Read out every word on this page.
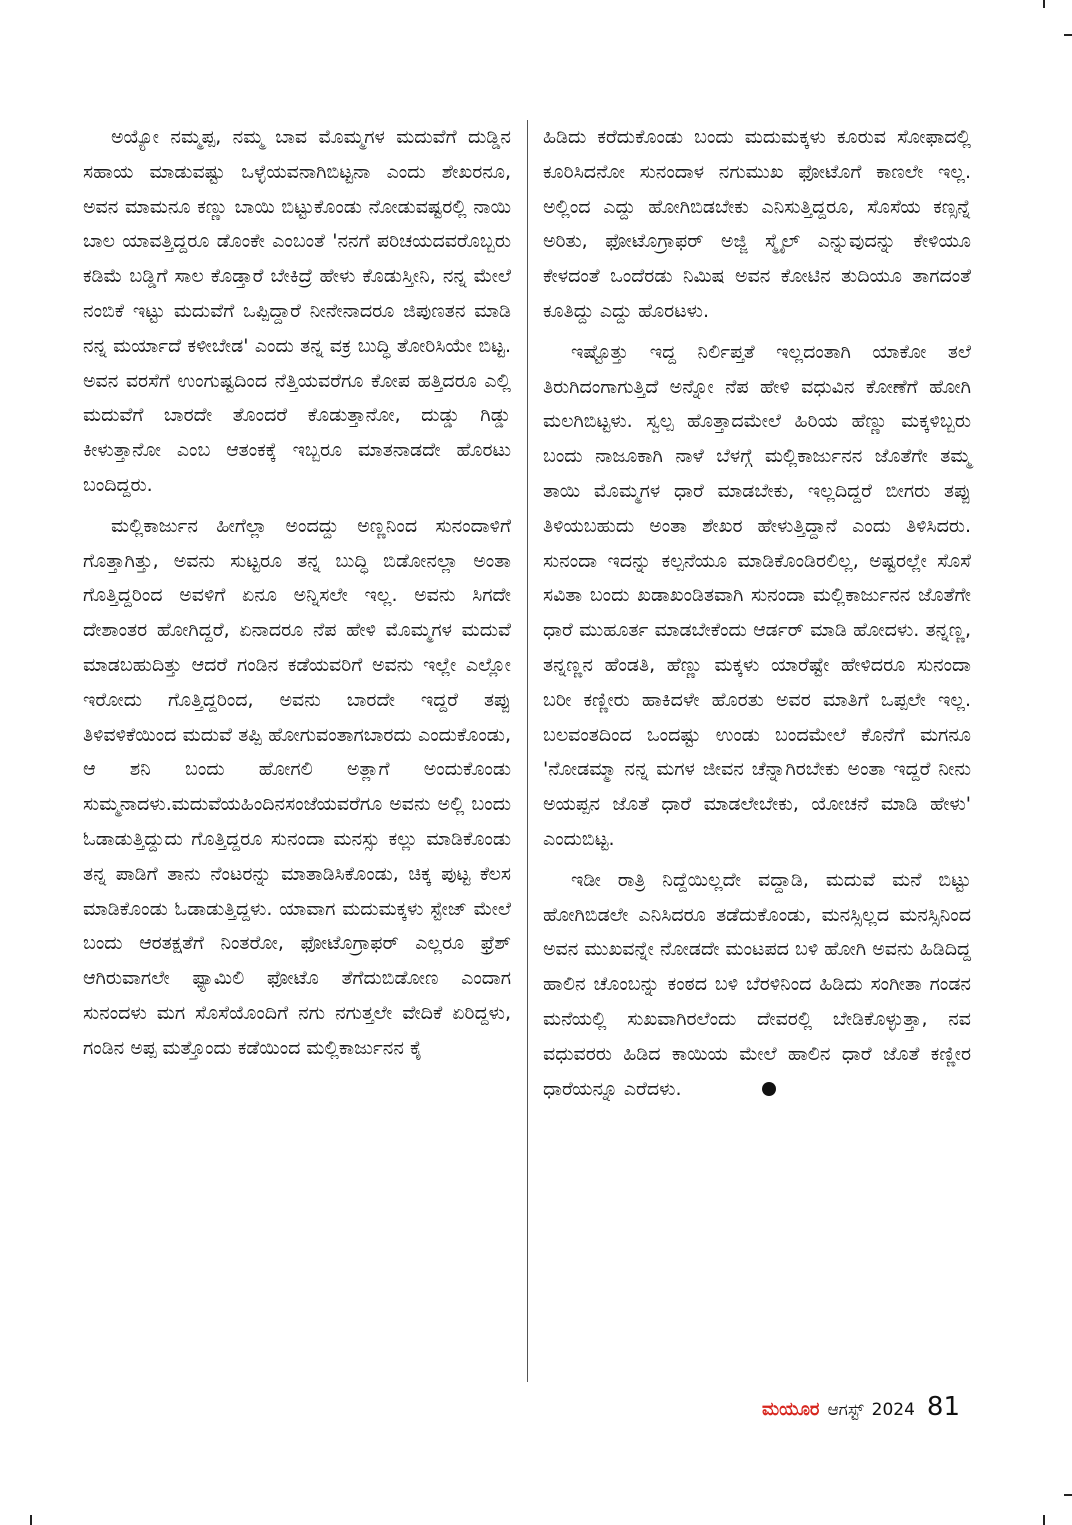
ಅಯ್ಯೋ ನಮ್ಮಪ್ಪ, ನಮ್ಮ ಬಾವ ಮೊಮ್ಮಗಳ ಮದುವೆಗೆ ದುಡ್ಡಿನ ಸಹಾಯ ಮಾಡುವಷ್ಟು ಒಳ್ಳೆಯವನಾಗಿಬಿಟ್ಟನಾ ಎಂದು ಶೇಖರನೂ, ಅವನ ಮಾಮನೂ ಕಣ್ಣು ಬಾಯಿ ಬಿಟ್ಟುಕೊಂಡು ನೋಡುವಷ್ಟರಲ್ಲಿ ನಾಯಿ ಬಾಲ ಯಾವತ್ತಿದ್ದರೂ ಡೊಂಕೇ ಎಂಬಂತೆ 'ನನಗೆ ಪರಿಚಯದವರೊಬ್ಬರು ಕಡಿಮೆ ಬಡ್ಡಿಗೆ ಸಾಲ ಕೊಡ್ತಾರೆ ಬೇಕಿದ್ರೆ ಹೇಳು ಕೊಡುಸ್ತೀನಿ, ನನ್ನ ಮೇಲೆ ನಂಬಿಕೆ ಇಟ್ಟು ಮದುವೆಗೆ ಒಪ್ಪಿದ್ದಾರೆ ನೀನೇನಾದರೂ ಜಿಪುಣತನ ಮಾಡಿ ನನ್ನ ಮರ್ಯಾದೆ ಕಳೀಬೇಡ' ಎಂದು ತನ್ನ ವಕ್ರ ಬುದ್ಧಿ ತೋರಿಸಿಯೇ ಬಿಟ್ಟ. ಅವನ ವರಸೆಗೆ ಉಂಗುಷ್ಟದಿಂದ ನೆತ್ತಿಯವರೆಗೂ ಕೋಪ ಹತ್ತಿದರೂ ಎಲ್ಲಿ ಮದುವೆಗೆ ಬಾರದೇ ತೊಂದರೆ ಕೊಡುತ್ತಾನೋ, ದುಡ್ಡು ಗಿಡ್ಡು ಕೀಳುತ್ತಾನೋ ಎಂಬ ಆತಂಕಕ್ಕೆ ಇಬ್ಬರೂ ಮಾತನಾಡದೇ ಹೊರಟು ಬಂದಿದ್ದರು.

ಮಲ್ಲಿಕಾರ್ಜುನ ಹೀಗೆಲ್ಲಾ ಅಂದದ್ದು ಅಣ್ಣನಿಂದ ಸುನಂದಾಳಿಗೆ ಗೊತ್ತಾಗಿತ್ತು, ಅವನು ಸುಟ್ಟರೂ ತನ್ನ ಬುದ್ಧಿ ಬಿಡೋನಲ್ಲಾ ಅಂತಾ ಗೊತ್ತಿದ್ದರಿಂದ ಅವಳಿಗೆ ಏನೂ ಅನ್ನಿಸಲೇ ಇಲ್ಲ. ಅವನು ಸಿಗದೇ ದೇಶಾಂತರ ಹೋಗಿದ್ದರೆ, ಏನಾದರೂ ನೆಪ ಹೇಳಿ ಮೊಮ್ಮಗಳ ಮದುವೆ ಮಾಡಬಹುದಿತ್ತು ಆದರೆ ಗಂಡಿನ ಕಡೆಯವರಿಗೆ ಅವನು ಇಲ್ಲೇ ಎಲ್ಲೋ ಇರೋದು ಗೊತ್ತಿದ್ದರಿಂದ, ಅವನು ಬಾರದೇ ಇದ್ದರೆ ತಪ್ಪು ತಿಳಿವಳಿಕೆಯಿಂದ ಮದುವೆ ತಪ್ಪಿ ಹೋಗುವಂತಾಗಬಾರದು ಎಂದುಕೊಂಡು, ಆ ಶನಿ ಬಂದು ಹೋಗಲಿ ಅತ್ಲಾಗೆ ಅಂದುಕೊಂಡು ಸುಮ್ಮನಾದಳು.ಮದುವೆಯಹಿಂದಿನಸಂಜೆಯವರೆಗೂ ಅವನು ಅಲ್ಲಿ ಬಂದು ಓಡಾಡುತ್ತಿದ್ದುದು ಗೊತ್ತಿದ್ದರೂ ಸುನಂದಾ ಮನಸ್ಸು ಕಲ್ಲು ಮಾಡಿಕೊಂಡು ತನ್ನ ಪಾಡಿಗೆ ತಾನು ನೆಂಟರನ್ನು ಮಾತಾಡಿಸಿಕೊಂಡು, ಚಿಕ್ಕ ಪುಟ್ಟ ಕೆಲಸ ಮಾಡಿಕೊಂಡು ಓಡಾಡುತ್ತಿದ್ದಳು. ಯಾವಾಗ ಮದುಮಕ್ಕಳು ಸ್ಟೇಜ್ ಮೇಲೆ ಬಂದು ಆರತಕ್ಷತೆಗೆ ನಿಂತರೋ, ಫೋಟೊಗ್ರಾಫರ್ ಎಲ್ಲರೂ ಫ್ರೆಶ್ ಆಗಿರುವಾಗಲೇ ಫ್ಯಾಮಿಲಿ ಫೋಟೊ ತೆಗೆದುಬಿಡೋಣ ಎಂದಾಗ ಸುನಂದಳು ಮಗ ಸೊಸೆಯೊಂದಿಗೆ ನಗು ನಗುತ್ತಲೇ ವೇದಿಕೆ ಏರಿದ್ದಳು, ಗಂಡಿನ ಅಪ್ಪ ಮತ್ತೊಂದು ಕಡೆಯಿಂದ ಮಲ್ಲಿಕಾರ್ಜುನನ ಕೈ

ಹಿಡಿದು ಕರೆದುಕೊಂಡು ಬಂದು ಮದುಮಕ್ಕಳು ಕೂರುವ ಸೋಫಾದಲ್ಲಿ ಕೂರಿಸಿದನೋ ಸುನಂದಾಳ ನಗುಮುಖ ಫೋಟೊಗೆ ಕಾಣಲೇ ಇಲ್ಲ. ಅಲ್ಲಿಂದ ಎದ್ದು ಹೋಗಿಬಿಡಬೇಕು ಎನಿಸುತ್ತಿದ್ದರೂ, ಸೊಸೆಯ ಕಣ್ಸನ್ನೆ ಅರಿತು, ಫೋಟೊಗ್ರಾಫರ್ ಅಜ್ಜಿ ಸ್ಮೈಲ್ ಎನ್ನುವುದನ್ನು ಕೇಳಿಯೂ ಕೇಳದಂತೆ ಒಂದೆರಡು ನಿಮಿಷ ಅವನ ಕೋಟಿನ ತುದಿಯೂ ತಾಗದಂತೆ ಕೂತಿದ್ದು ಎದ್ದು ಹೊರಟಳು.

ಇಷ್ಟೊತ್ತು ಇದ್ದ ನಿರ್ಲಿಪ್ತತೆ ಇಲ್ಲದಂತಾಗಿ ಯಾಕೋ ತಲೆ ತಿರುಗಿದಂಗಾಗುತ್ತಿದೆ ಅನ್ನೋ ನೆಪ ಹೇಳಿ ವಧುವಿನ ಕೋಣೆಗೆ ಹೋಗಿ ಮಲಗಿಬಿಟ್ಟಳು. ಸ್ವಲ್ಪ ಹೊತ್ತಾದಮೇಲೆ ಹಿರಿಯ ಹೆಣ್ಣು ಮಕ್ಕಳಿಬ್ಬರು ಬಂದು ನಾಜೂಕಾಗಿ ನಾಳೆ ಬೆಳಗ್ಗೆ ಮಲ್ಲಿಕಾರ್ಜುನನ ಜೊತೆಗೇ ತಮ್ಮ ತಾಯಿ ಮೊಮ್ಮಗಳ ಧಾರೆ ಮಾಡಬೇಕು, ಇಲ್ಲದಿದ್ದರೆ ಬೀಗರು ತಪ್ಪು ತಿಳಿಯಬಹುದು ಅಂತಾ ಶೇಖರ ಹೇಳುತ್ತಿದ್ದಾನೆ ಎಂದು ತಿಳಿಸಿದರು. ಸುನಂದಾ ಇದನ್ನು ಕಲ್ಪನೆಯೂ ಮಾಡಿಕೊಂಡಿರಲಿಲ್ಲ, ಅಷ್ಟರಲ್ಲೇ ಸೊಸೆ ಸವಿತಾ ಬಂದು ಖಡಾಖಂಡಿತವಾಗಿ ಸುನಂದಾ ಮಲ್ಲಿಕಾರ್ಜುನನ ಜೊತೆಗೇ ಧಾರೆ ಮುಹೂರ್ತ ಮಾಡಬೇಕೆಂದು ಆರ್ಡರ್ ಮಾಡಿ ಹೋದಳು. ತನ್ನಣ್ಣ, ತನ್ನಣ್ಣನ ಹೆಂಡತಿ, ಹೆಣ್ಣು ಮಕ್ಕಳು ಯಾರೆಷ್ಟೇ ಹೇಳಿದರೂ ಸುನಂದಾ ಬರೀ ಕಣ್ಣೀರು ಹಾಕಿದಳೇ ಹೊರತು ಅವರ ಮಾತಿಗೆ ಒಪ್ಪಲೇ ಇಲ್ಲ. ಬಲವಂತದಿಂದ ಒಂದಷ್ಟು ಉಂಡು ಬಂದಮೇಲೆ ಕೊನೆಗೆ ಮಗನೂ 'ನೋಡಮ್ಮಾ ನನ್ನ ಮಗಳ ಜೀವನ ಚೆನ್ನಾಗಿರಬೇಕು ಅಂತಾ ಇದ್ದರೆ ನೀನು ಅಯಪ್ಪನ ಜೊತೆ ಧಾರೆ ಮಾಡಲೇಬೇಕು, ಯೋಚನೆ ಮಾಡಿ ಹೇಳು' ಎಂದುಬಿಟ್ಟ.

ಇಡೀ ರಾತ್ರಿ ನಿದ್ದೆಯಿಲ್ಲದೇ ವದ್ದಾಡಿ, ಮದುವೆ ಮನೆ ಬಿಟ್ಟು ಹೋಗಿಬಿಡಲೇ ಎನಿಸಿದರೂ ತಡೆದುಕೊಂಡು, ಮನಸ್ಸಿಲ್ಲದ ಮನಸ್ಸಿನಿಂದ ಅವನ ಮುಖವನ್ನೇ ನೋಡದೇ ಮಂಟಪದ ಬಳಿ ಹೋಗಿ ಅವನು ಹಿಡಿದಿದ್ದ ಹಾಲಿನ ಚೊಂಬನ್ನು ಕಂಠದ ಬಳಿ ಬೆರಳಿನಿಂದ ಹಿಡಿದು ಸಂಗೀತಾ ಗಂಡನ ಮನೆಯಲ್ಲಿ ಸುಖವಾಗಿರಲೆಂದು ದೇವರಲ್ಲಿ ಬೇಡಿಕೊಳ್ಳುತ್ತಾ, ನವ ವಧುವರರು ಹಿಡಿದ ಕಾಯಿಯ ಮೇಲೆ ಹಾಲಿನ ಧಾರೆ ಜೊತೆ ಕಣ್ಣೀರ ಧಾರೆಯನ್ನೂ ಎರೆದಳು.

ಮಯೂರ ಆಗಸ್ಟ್ 2024 81
